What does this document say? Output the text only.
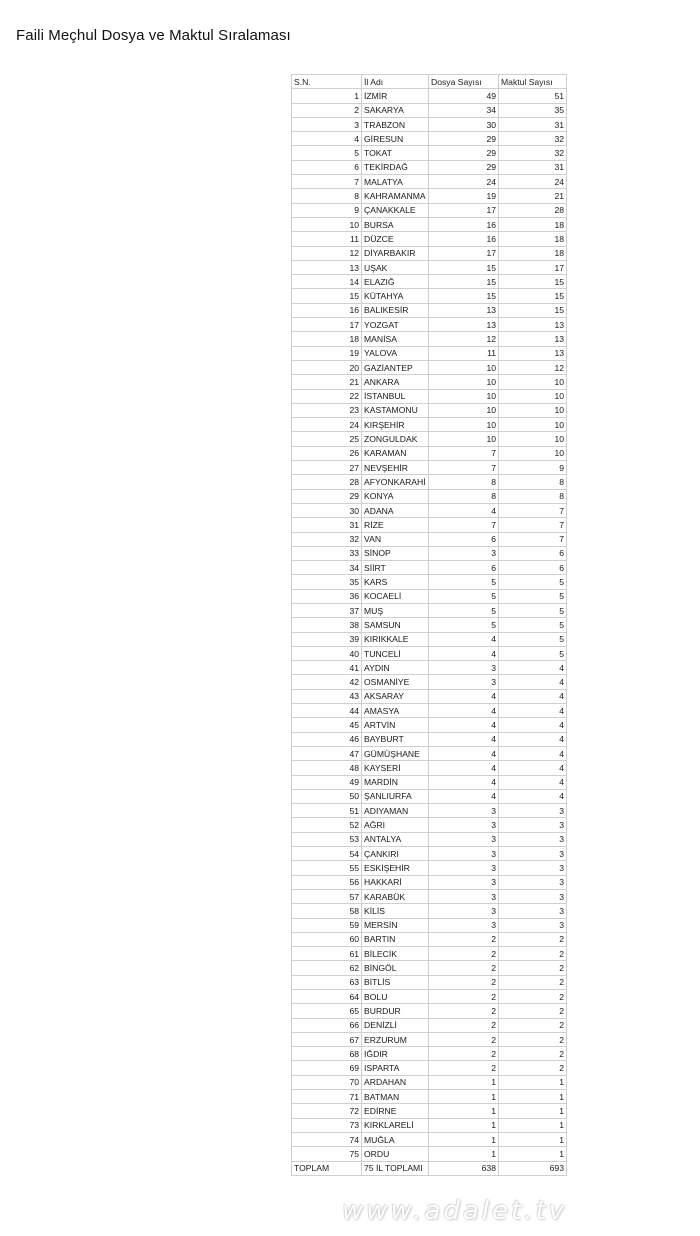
Faili Meçhul Dosya ve Maktul Sıralaması
S.N.	İl Adı	Dosya Sayısı	Maktul Sayısı
1	İZMİR	49	51
2	SAKARYA	34	35
3	TRABZON	30	31
4	GİRESUN	29	32
5	TOKAT	29	32
6	TEKİRDAĞ	29	31
7	MALATYA	24	24
8	KAHRAMANMA	19	21
9	ÇANAKKALE	17	28
10	BURSA	16	18
11	DÜZCE	16	18
12	DİYARBAKIR	17	18
13	UŞAK	15	17
14	ELAZIĞ	15	15
15	KÜTAHYA	15	15
16	BALIKESİR	13	15
17	YOZGAT	13	13
18	MANİSA	12	13
19	YALOVA	11	13
20	GAZİANTEP	10	12
21	ANKARA	10	10
22	İSTANBUL	10	10
23	KASTAMONU	10	10
24	KIRŞEHİR	10	10
25	ZONGULDAK	10	10
26	KARAMAN	7	10
27	NEVŞEHİR	7	9
28	AFYONKARAHİ	8	8
29	KONYA	8	8
30	ADANA	4	7
31	RİZE	7	7
32	VAN	6	7
33	SİNOP	3	6
34	SİİRT	6	6
35	KARS	5	5
36	KOCAELİ	5	5
37	MUŞ	5	5
38	SAMSUN	5	5
39	KIRIKKALE	4	5
40	TUNCELİ	4	5
41	AYDIN	3	4
42	OSMANİYE	3	4
43	AKSARAY	4	4
44	AMASYA	4	4
45	ARTVİN	4	4
46	BAYBURT	4	4
47	GÜMÜŞHANE	4	4
48	KAYSERİ	4	4
49	MARDİN	4	4
50	ŞANLIURFA	4	4
51	ADIYAMAN	3	3
52	AĞRI	3	3
53	ANTALYA	3	3
54	ÇANKIRI	3	3
55	ESKİŞEHİR	3	3
56	HAKKARİ	3	3
57	KARABÜK	3	3
58	KİLİS	3	3
59	MERSİN	3	3
60	BARTIN	2	2
61	BİLECİK	2	2
62	BİNGÖL	2	2
63	BİTLİS	2	2
64	BOLU	2	2
65	BURDUR	2	2
66	DENİZLİ	2	2
67	ERZURUM	2	2
68	IĞDIR	2	2
69	ISPARTA	2	2
70	ARDAHAN	1	1
71	BATMAN	1	1
72	EDİRNE	1	1
73	KIRKLARELİ	1	1
74	MUĞLA	1	1
75	ORDU	1	1
TOPLAM	75 İL TOPLAMI	638	693
www.adalet.tv
